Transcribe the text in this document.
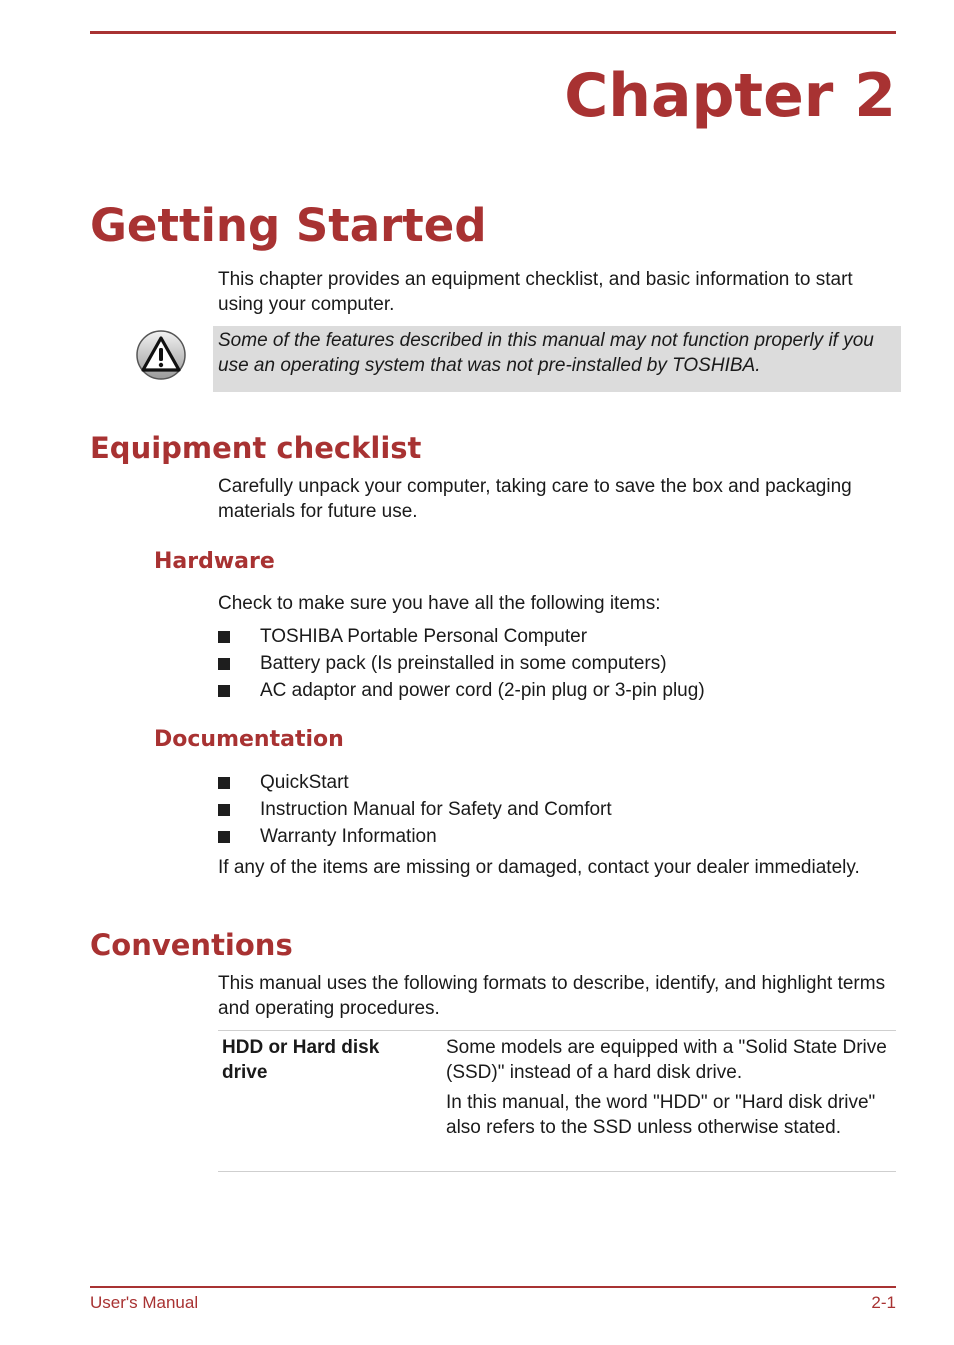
Chapter 2
Getting Started

This chapter provides an equipment checklist, and basic information to start using your computer.

Some of the features described in this manual may not function properly if you use an operating system that was not pre-installed by TOSHIBA.

Equipment checklist

Carefully unpack your computer, taking care to save the box and packaging materials for future use.

Hardware

Check to make sure you have all the following items:

TOSHIBA Portable Personal Computer
Battery pack (Is preinstalled in some computers)
AC adaptor and power cord (2-pin plug or 3-pin plug)
Documentation
QuickStart
Instruction Manual for Safety and Comfort
Warranty Information

If any of the items are missing or damaged, contact your dealer immediately.

Conventions

This manual uses the following formats to describe, identify, and highlight terms and operating procedures.

HDD or Hard disk drive

Some models are equipped with a "Solid State Drive (SSD)" instead of a hard disk drive.

In this manual, the word "HDD" or "Hard disk drive" also refers to the SSD unless otherwise stated.

User's Manual	2-1
